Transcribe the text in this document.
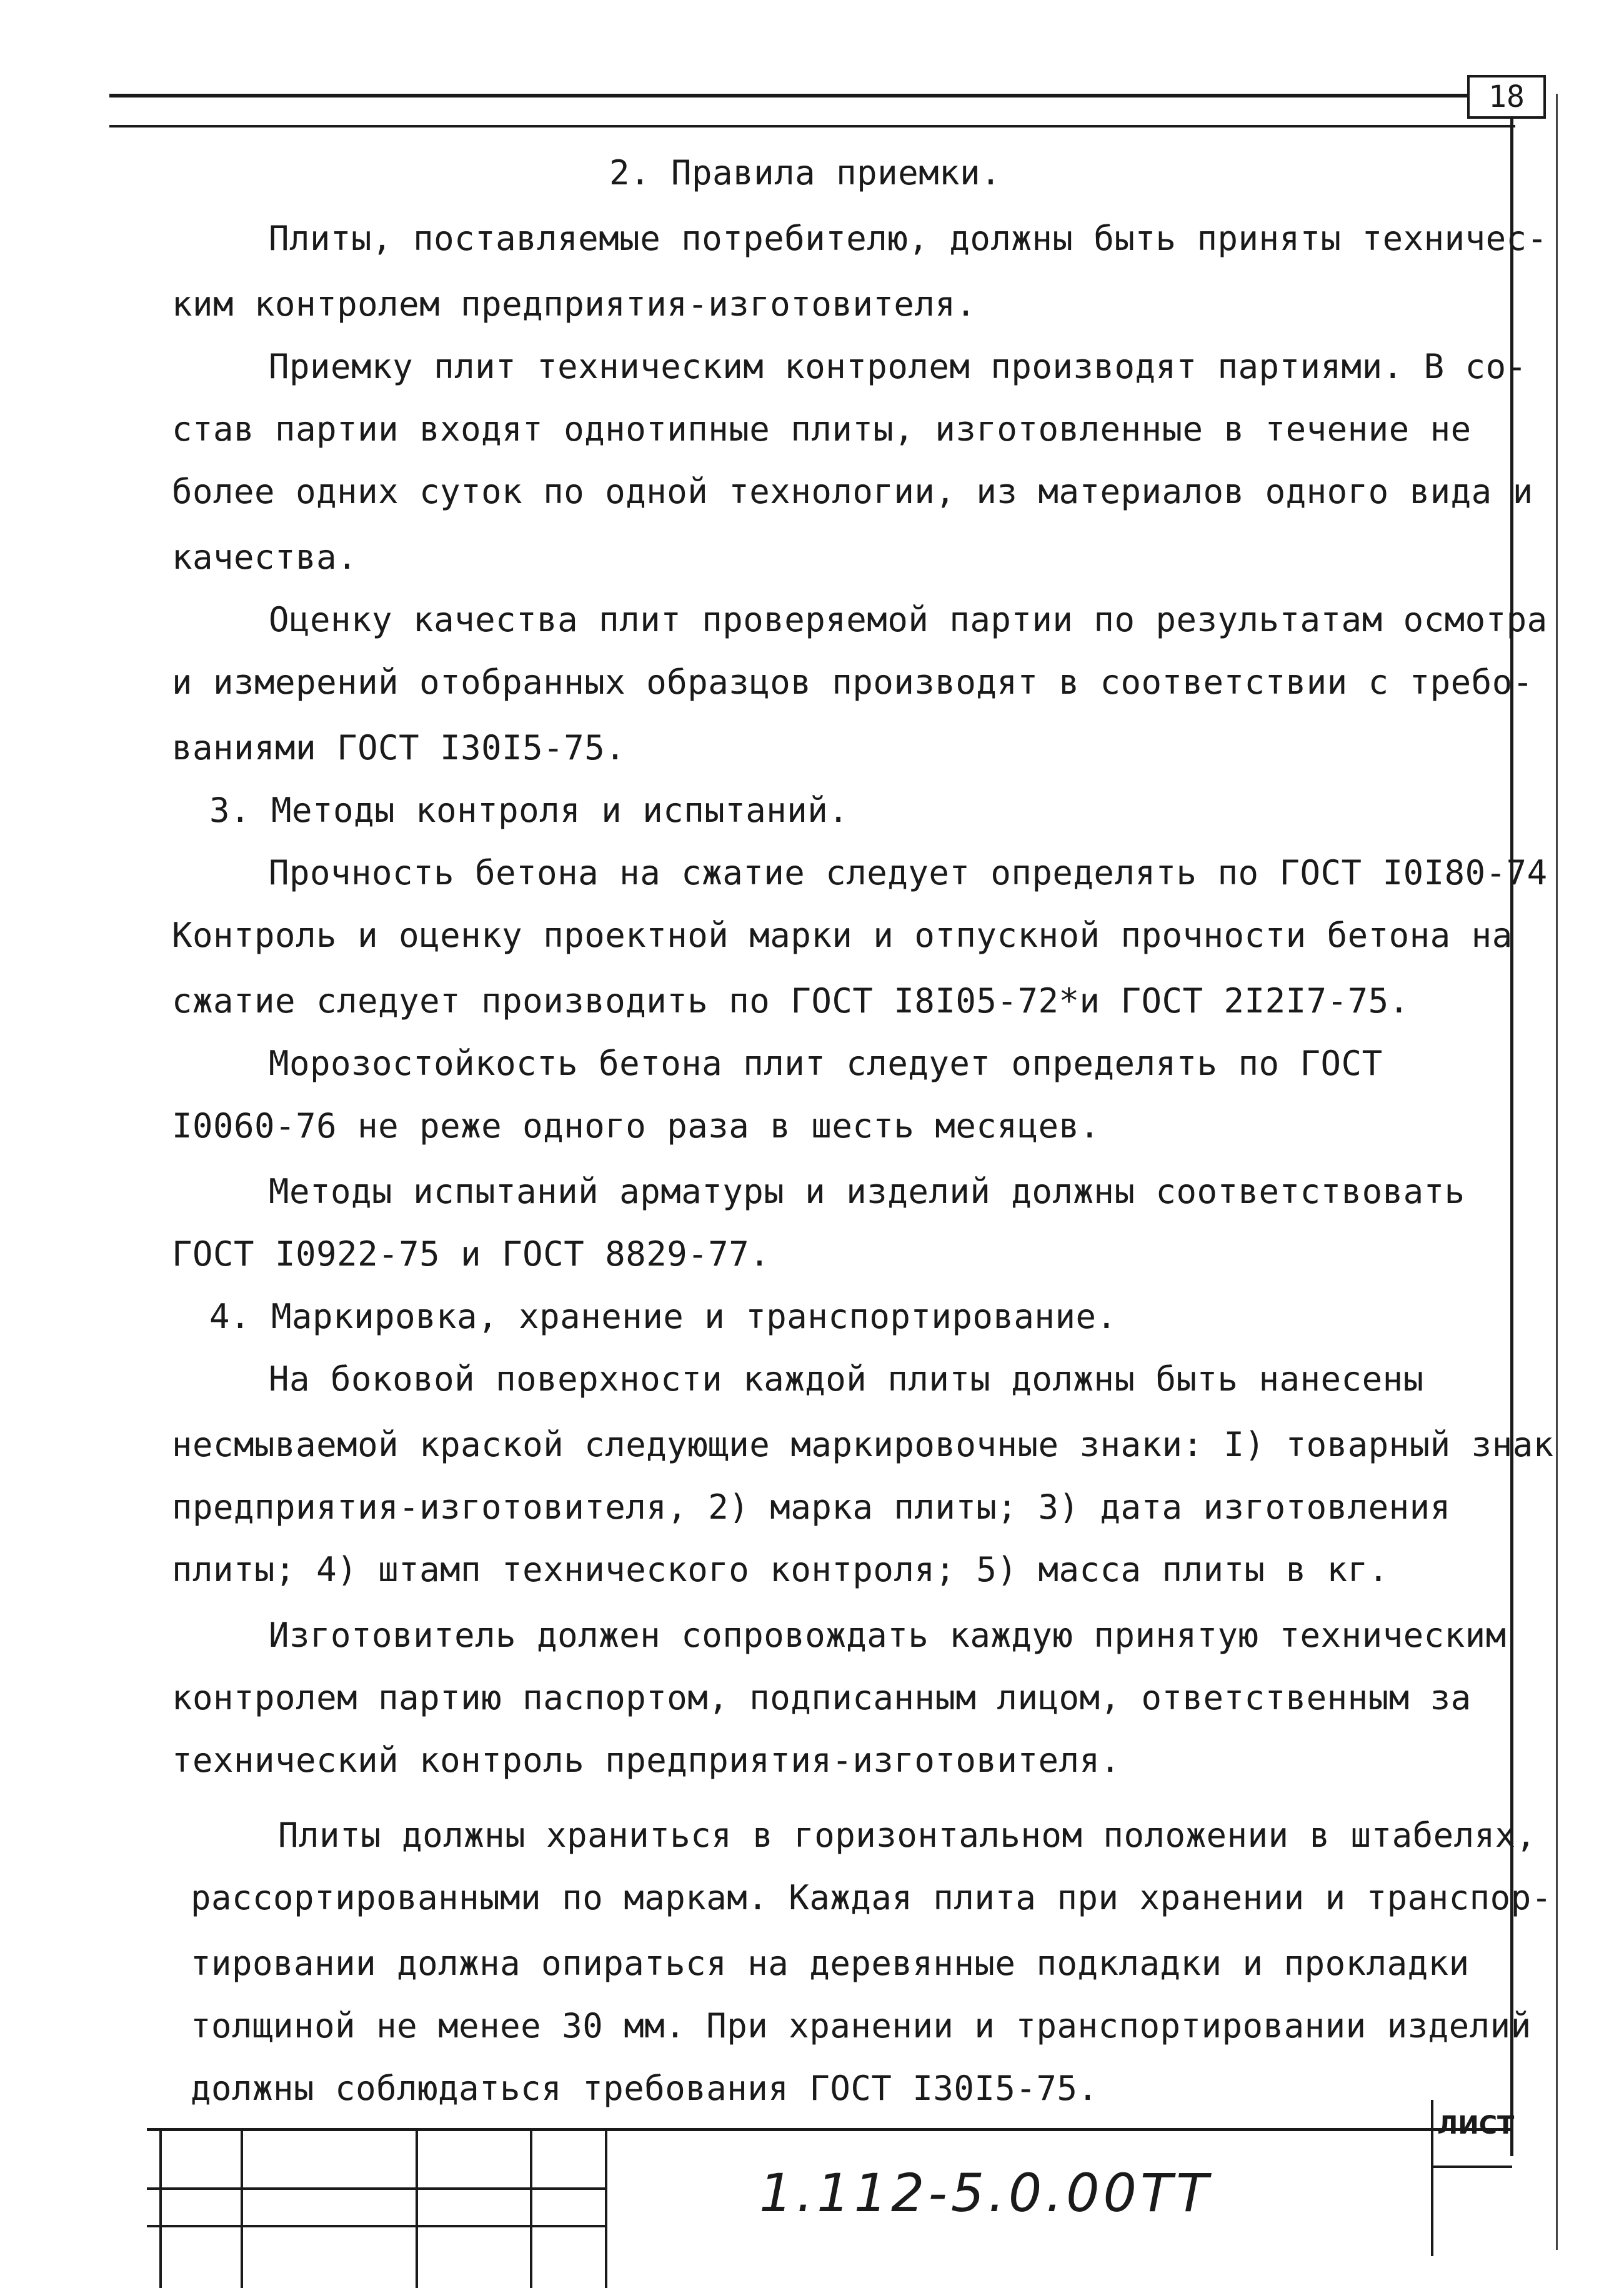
18
2. Правила приемки.
Плиты, поставляемые потребителю, должны быть приняты техничес-
ким контролем предприятия-изготовителя.
Приемку плит техническим контролем производят партиями. В со-
став партии входят однотипные плиты, изготовленные в течение не
более одних суток по одной технологии, из материалов одного вида и
качества.
Оценку качества плит проверяемой партии по результатам осмотра
и измерений отобранных образцов производят в соответствии с требо-
ваниями ГОСТ I30I5-75.
3. Методы контроля и испытаний.
Прочность бетона на сжатие следует определять по ГОСТ I0I80-74
Контроль и оценку проектной марки и отпускной прочности бетона на
сжатие следует производить по ГОСТ I8I05-72*и ГОСТ 2I2I7-75.
Морозостойкость бетона плит следует определять по ГОСТ
I0060-76 не реже одного раза в шесть месяцев.
Методы испытаний арматуры и изделий должны соответствовать
ГОСТ I0922-75 и ГОСТ 8829-77.
4. Маркировка, хранение и транспортирование.
На боковой поверхности каждой плиты должны быть нанесены
несмываемой краской следующие маркировочные знаки: I) товарный знак
предприятия-изготовителя, 2) марка плиты; 3) дата изготовления
плиты; 4) штамп технического контроля; 5) масса плиты в кг.
Изготовитель должен сопровождать каждую принятую техническим
контролем партию паспортом, подписанным лицом, ответственным за
технический контроль предприятия-изготовителя.
Плиты должны храниться в горизонтальном положении в штабелях,
рассортированными по маркам. Каждая плита при хранении и транспор-
тировании должна опираться на деревянные подкладки и прокладки
толщиной не менее 30 мм. При хранении и транспортировании изделий
должны соблюдаться требования ГОСТ I30I5-75.
ЛИСТ
1.112-5.0.00TT
